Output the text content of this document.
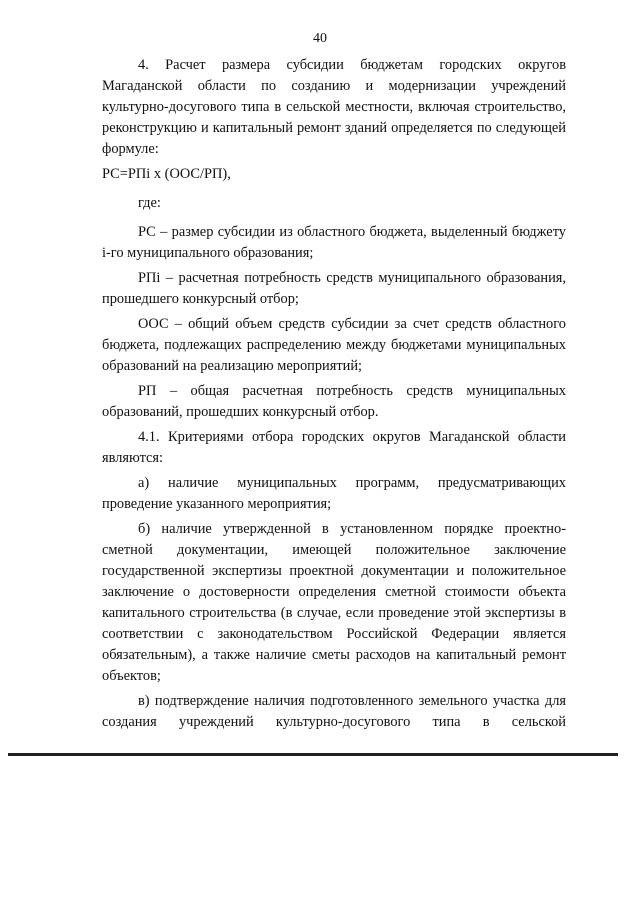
40

4. Расчет размера субсидии бюджетам городских округов Магаданской области по созданию и модернизации учреждений культурно-досугового типа в сельской местности, включая строительство, реконструкцию и капитальный ремонт зданий определяется по следующей формуле:

РС=РПi х (ООС/РП),

где:

РС – размер субсидии из областного бюджета, выделенный бюджету i-го муниципального образования;

РПi – расчетная потребность средств муниципального образования, прошедшего конкурсный отбор;

ООС – общий объем средств субсидии за счет средств областного бюджета, подлежащих распределению между бюджетами муниципальных образований на реализацию мероприятий;

РП – общая расчетная потребность средств муниципальных образований, прошедших конкурсный отбор.

4.1. Критериями отбора городских округов Магаданской области являются:

а) наличие муниципальных программ, предусматривающих проведение указанного мероприятия;

б) наличие утвержденной в установленном порядке проектно-сметной документации, имеющей положительное заключение государственной экспертизы проектной документации и положительное заключение о достоверности определения сметной стоимости объекта капитального строительства (в случае, если проведение этой экспертизы в соответствии с законодательством Российской Федерации является обязательным), а также наличие сметы расходов на капитальный ремонт объектов;

в) подтверждение наличия подготовленного земельного участка для создания учреждений культурно-досугового типа в сельской
